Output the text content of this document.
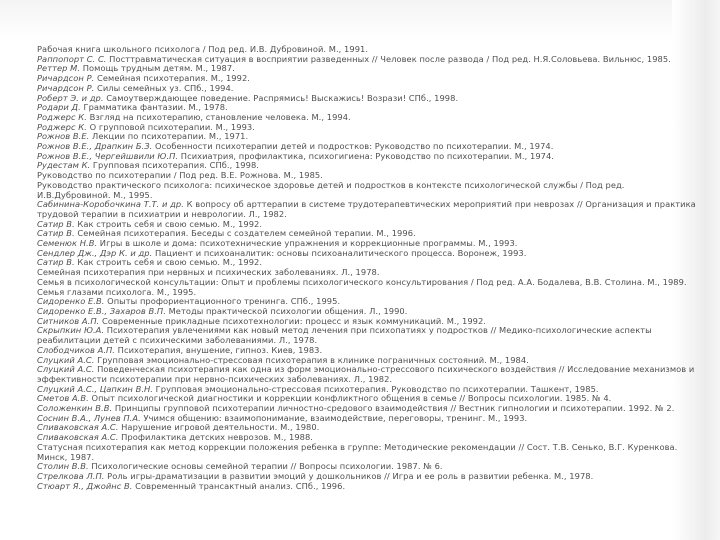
Рабочая книга школьного психолога / Под ред. И.В. Дубровиной. М., 1991.

Раппопорт С. С. Посттравматическая ситуация в восприятии разведенных // Человек после развода / Под ред. Н.Я.Соловьева. Вильнюс, 1985.

Реттер М. Помощь трудным детям. М., 1987.

Ричардсон Р. Семейная психотерапия. М., 1992.

Ричардсон Р. Силы семейных уз. СПб., 1994.

Роберт Э. и др. Самоутверждающее поведение. Распрямись! Выскажись! Возрази! СПб., 1998.

Родари Д. Грамматика фантазии. М., 1978.

Роджерс К. Взгляд на психотерапию, становление человека. М., 1994.

Роджерс К. О групповой психотерапии. М., 1993.

Рожнов В.Е. Лекции по психотерапии. М., 1971.

Рожнов В.Е., Драпкин Б.З. Особенности психотерапии детей и подростков: Руководство по психотерапии. М., 1974.

Рожнов В.Е., Чергейшвили Ю.П. Психиатрия, профилактика, психогигиена: Руководство по психотерапии. М., 1974.

Рудестам К. Групповая психотерапия. СПб., 1998.

Руководство по психотерапии / Под ред. В.Е. Рожнова. М., 1985.

Руководство практического психолога: психическое здоровье детей и подростков в контексте психологической службы / Под ред. И.В.Дубровиной. М., 1995.

Сабинина-Коробочкина Т.Т. и др. К вопросу об арттерапии в системе трудотерапевтических мероприятий при неврозах // Организация и практика трудовой терапии в психиатрии и неврологии. Л., 1982.

Сатир В. Как строить себя и свою семью. М., 1992.

Сатир В. Семейная психотерапия. Беседы с создателем семейной терапии. М., 1996.

Семенюк Н.В. Игры в школе и дома: психотехнические упражнения и коррекционные программы. М., 1993.

Сендлер Дж., Дэр К. и др. Пациент и психоаналитик: основы психоаналитического процесса. Воронеж, 1993.

Сатир В. Как строить себя и свою семью. М., 1992.

Семейная психотерапия при нервных и психических заболеваниях. Л., 1978.

Семья в психологической консультации: Опыт и проблемы психологического консультирования / Под ред. А.А. Бодалева, В.В. Столина. М., 1989.

Семья глазами психолога. М., 1995.

Сидоренко Е.В. Опыты профориентационного тренинга. СПб., 1995.

Сидоренко Е.В., Захаров В.П. Методы практической психологии общения. Л., 1990.

Ситников А.П. Современные прикладные психотехнологии: процесс и язык коммуникаций. М., 1992.

Скрыпкин Ю.А. Психотерапия увлечениями как новый метод лечения при психопатиях у подростков // Медико-психологические аспекты реабилитации детей с психическими заболеваниями. Л., 1978.

Слободчиков А.П. Психотерапия, внушение, гипноз. Киев, 1983.

Слуцкий А.С. Групповая эмоционально-стрессовая психотерапия в клинике пограничных состояний. М., 1984.

Слуцкий А.С. Поведенческая психотерапия как одна из форм эмоционально-стрессового психического воздействия // Исследование механизмов и эффективности психотерапии при нервно-психических заболеваниях. Л., 1982.

Слуцкий А.С., Цапкин В.Н. Групповая эмоционально-стрессовая психотерапия. Руководство по психотерапии. Ташкент, 1985.

Сметов А.В. Опыт психологической диагностики и коррекции конфликтного общения в семье // Вопросы психологии. 1985. № 4.

Соложенкин В.В. Принципы групповой психотерапии личностно-средового взаимодействия // Вестник гипнологии и психотерапии. 1992. № 2.

Соснин В.А., Лунев П.А. Учимся общению: взаимопонимание, взаимодействие, переговоры, тренинг. М., 1993.

Спиваковская А.С. Нарушение игровой деятельности. М., 1980.

Спиваковская А.С. Профилактика детских неврозов. М., 1988.

Статусная психотерапия как метод коррекции положения ребенка в группе: Методические рекомендации // Сост. Т.В. Сенько, В.Г. Куренкова. Минск, 1987.

Столин В.В. Психологические основы семейной терапии // Вопросы психологии. 1987. № 6.

Стрелкова Л.П. Роль игры-драматизации в развитии эмоций у дошкольников // Игра и ее роль в развитии ребенка. М., 1978.

Стюарт Я., Джойнс В. Современный трансактный анализ. СПб., 1996.
